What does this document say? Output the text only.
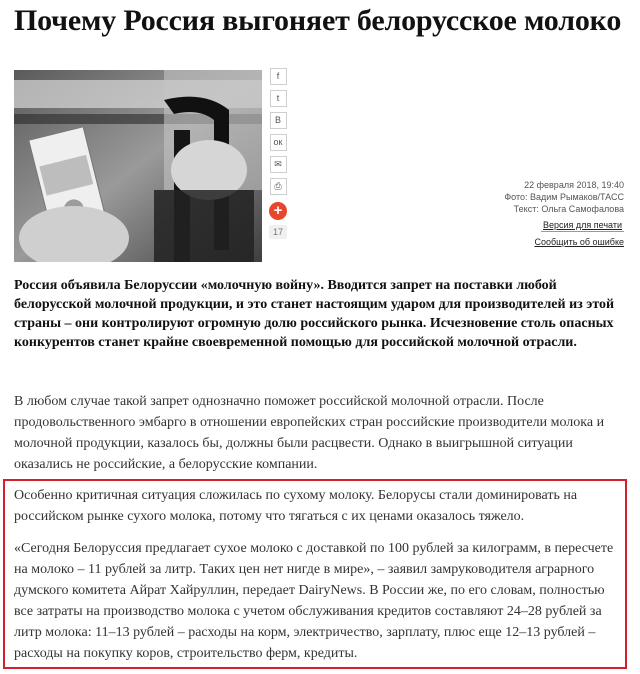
Почему Россия выгоняет белорусское молоко
f
t
В
ок
✉
⎙
+
17
22 февраля 2018, 19:40
Фото: Вадим Рымаков/ТАСС
Текст: Ольга Самофалова
Версия для печати
Сообщить об ошибке

Россия объявила Белоруссии «молочную войну». Вводится запрет на поставки любой белорусской молочной продукции, и это станет настоящим ударом для производителей из этой страны – они контролируют огромную долю российского рынка. Исчезновение столь опасных конкурентов станет крайне своевременной помощью для российской молочной отрасли.

В любом случае такой запрет однозначно поможет российской молочной отрасли. После продовольственного эмбарго в отношении европейских стран российские производители молока и молочной продукции, казалось бы, должны были расцвести. Однако в выигрышной ситуации оказались не российские, а белорусские компании.

Особенно критичная ситуация сложилась по сухому молоку. Белорусы стали доминировать на российском рынке сухого молока, потому что тягаться с их ценами оказалось тяжело.

«Сегодня Белоруссия предлагает сухое молоко с доставкой по 100 рублей за килограмм, в пересчете на молоко – 11 рублей за литр. Таких цен нет нигде в мире», – заявил замруководителя аграрного думского комитета Айрат Хайруллин, передает DairyNews. В России же, по его словам, полностью все затраты на производство молока с учетом обслуживания кредитов составляют 24–28 рублей за литр молока: 11–13 рублей – расходы на корм, электричество, зарплату, плюс еще 12–13 рублей – расходы на покупку коров, строительство ферм, кредиты.
